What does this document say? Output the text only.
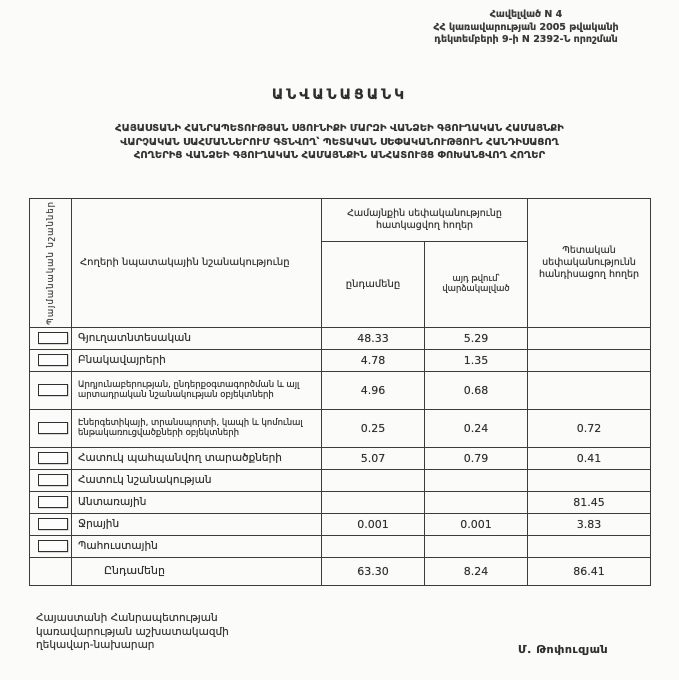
Հավելված N 4
ՀՀ կառավարության 2005 թվականի
դեկտեմբերի 9-ի N 2392-Ն որոշման
ԱՆՎԱՆԱՑԱՆԿ
ՀԱՅԱՍՏԱՆԻ ՀԱՆՐԱՊԵՏՈՒԹՅԱՆ ՍՅՈՒՆԻՔԻ ՄԱՐԶԻ ՎԱՆՁԵԻ ԳՅՈՒՂԱԿԱՆ ՀԱՄԱՅՆՔԻ
ՎԱՐՉԱԿԱՆ ՍԱՀՄԱՆՆԵՐՈՒՄ ԳՏՆՎՈՂ՝ ՊԵՏԱԿԱՆ ՍԵՓԱԿԱՆՈՒԹՅՈՒՆ ՀԱՆԴԻՍԱՑՈՂ
ՀՈՂԵՐԻՑ ՎԱՆՁԵԻ ԳՅՈՒՂԱԿԱՆ ՀԱՄԱՅՆՔԻՆ ԱՆՀԱՏՈՒՅՑ ՓՈԽԱՆՑՎՈՂ ՀՈՂԵՐ
Պայմանական նշաններ	Հողերի նպատակային նշանակությունը	Համայնքին սեփականությունը հատկացվող հողեր		Պետական սեփականությունն հանդիսացող հողեր
		ընդամենը	այդ թվում՝ վարձակալված	

	Գյուղատնտեսական	48.33	5.29	

	Բնակավայրերի	4.78	1.35	

	Արդյունաբերության, ընդերքօգտագործման և այլ արտադրական նշանակության օբյեկտների	4.96	0.68	

	Էներգետիկայի, տրանսպորտի, կապի և կոմունալ ենթակառուցվածքների օբյեկտների	0.25	0.24	0.72

	Հատուկ պահպանվող տարածքների	5.07	0.79	0.41

	Հատուկ նշանակության			

	Անտառային			81.45

	Ջրային	0.001	0.001	3.83

	Պահուստային			
	Ընդամենը	63.30	8.24	86.41
Հայաստանի Հանրապետության
կառավարության աշխատակազմի
ղեկավար-նախարար	Մ. Թոփուզյան
